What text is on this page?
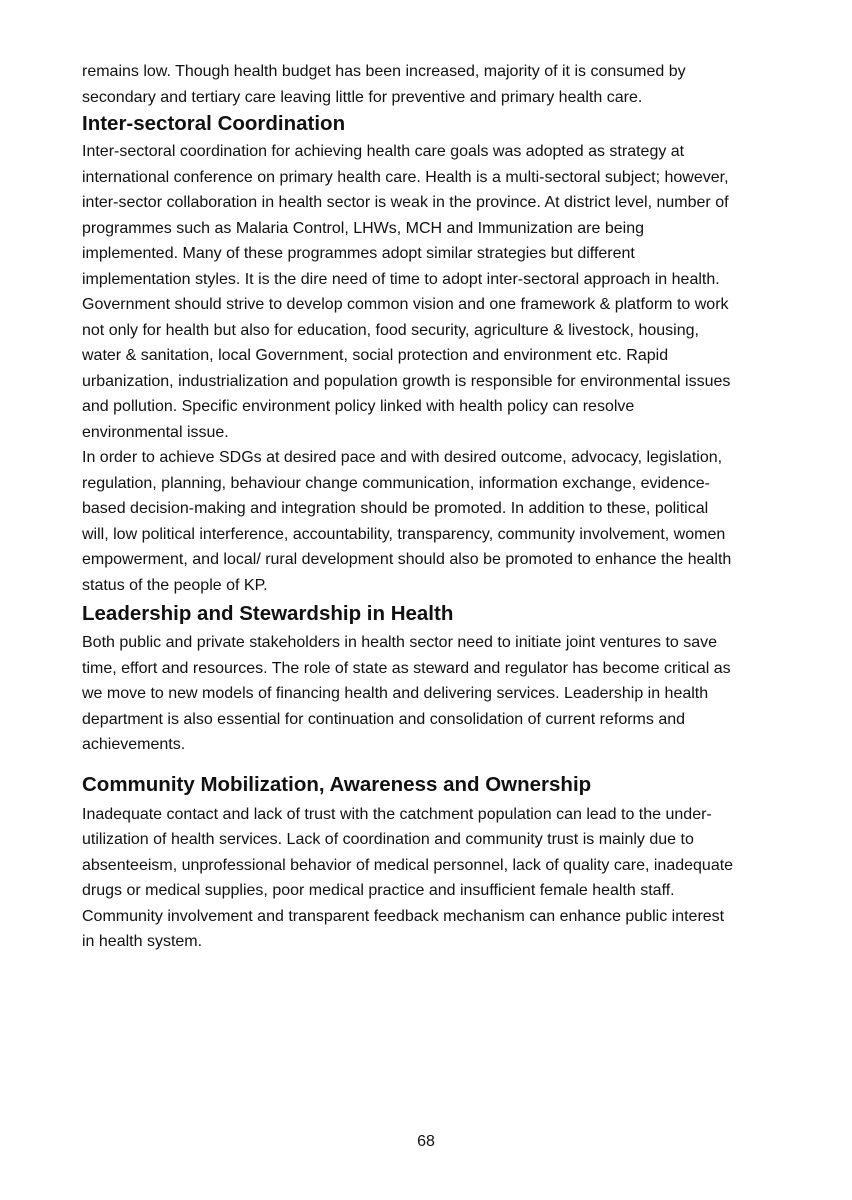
remains low. Though health budget has been increased, majority of it is consumed by
secondary and tertiary care leaving little for preventive and primary health care.
Inter-sectoral Coordination
Inter-sectoral coordination for achieving health care goals was adopted as strategy at
international conference on primary health care. Health is a multi-sectoral subject; however,
inter-sector collaboration in health sector is weak in the province. At district level, number of
programmes such as Malaria Control, LHWs, MCH and Immunization are being
implemented. Many of these programmes adopt similar strategies but different
implementation styles. It is the dire need of time to adopt inter-sectoral approach in health.
Government should strive to develop common vision and one framework & platform to work
not only for health but also for education, food security, agriculture & livestock, housing,
water & sanitation, local Government, social protection and environment etc. Rapid
urbanization, industrialization and population growth is responsible for environmental issues
and pollution. Specific environment policy linked with health policy can resolve
environmental issue.
In order to achieve SDGs at desired pace and with desired outcome, advocacy, legislation,
regulation, planning, behaviour change communication, information exchange, evidence-
based decision-making and integration should be promoted. In addition to these, political
will, low political interference, accountability, transparency, community involvement, women
empowerment, and local/ rural development should also be promoted to enhance the health
status of the people of KP.
Leadership and Stewardship in Health
Both public and private stakeholders in health sector need to initiate joint ventures to save
time, effort and resources. The role of state as steward and regulator has become critical as
we move to new models of financing health and delivering services. Leadership in health
department is also essential for continuation and consolidation of current reforms and
achievements.
Community Mobilization, Awareness and Ownership
Inadequate contact and lack of trust with the catchment population can lead to the under-
utilization of health services. Lack of coordination and community trust is mainly due to
absenteeism, unprofessional behavior of medical personnel, lack of quality care, inadequate
drugs or medical supplies, poor medical practice and insufficient female health staff.
Community involvement and transparent feedback mechanism can enhance public interest
in health system.
68
